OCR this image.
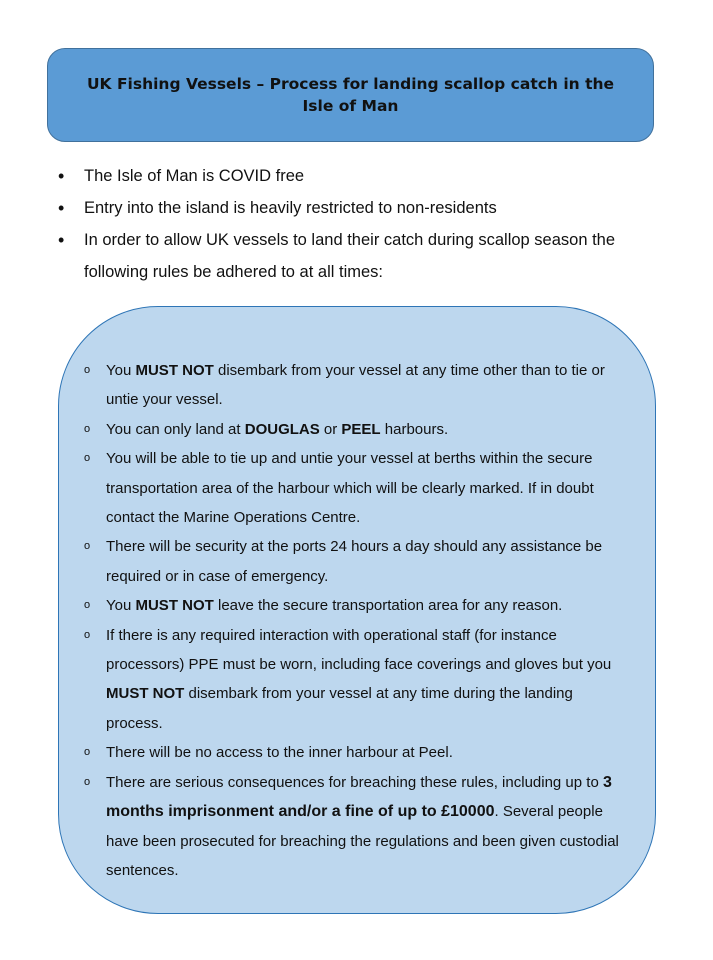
UK Fishing Vessels – Process for landing scallop catch in the
Isle of Man
• The Isle of Man is COVID free
• Entry into the island is heavily restricted to non-residents
• In order to allow UK vessels to land their catch during scallop season the following rules be adhered to at all times:
o You MUST NOT disembark from your vessel at any time other than to tie or untie your vessel.
o You can only land at DOUGLAS or PEEL harbours.
o You will be able to tie up and untie your vessel at berths within the secure transportation area of the harbour which will be clearly marked. If in doubt contact the Marine Operations Centre.
o There will be security at the ports 24 hours a day should any assistance be required or in case of emergency.
o You MUST NOT leave the secure transportation area for any reason.
o If there is any required interaction with operational staff (for instance processors) PPE must be worn, including face coverings and gloves but you MUST NOT disembark from your vessel at any time during the landing process.
o There will be no access to the inner harbour at Peel.
o There are serious consequences for breaching these rules, including up to 3 months imprisonment and/or a fine of up to £10000. Several people have been prosecuted for breaching the regulations and been given custodial sentences.
